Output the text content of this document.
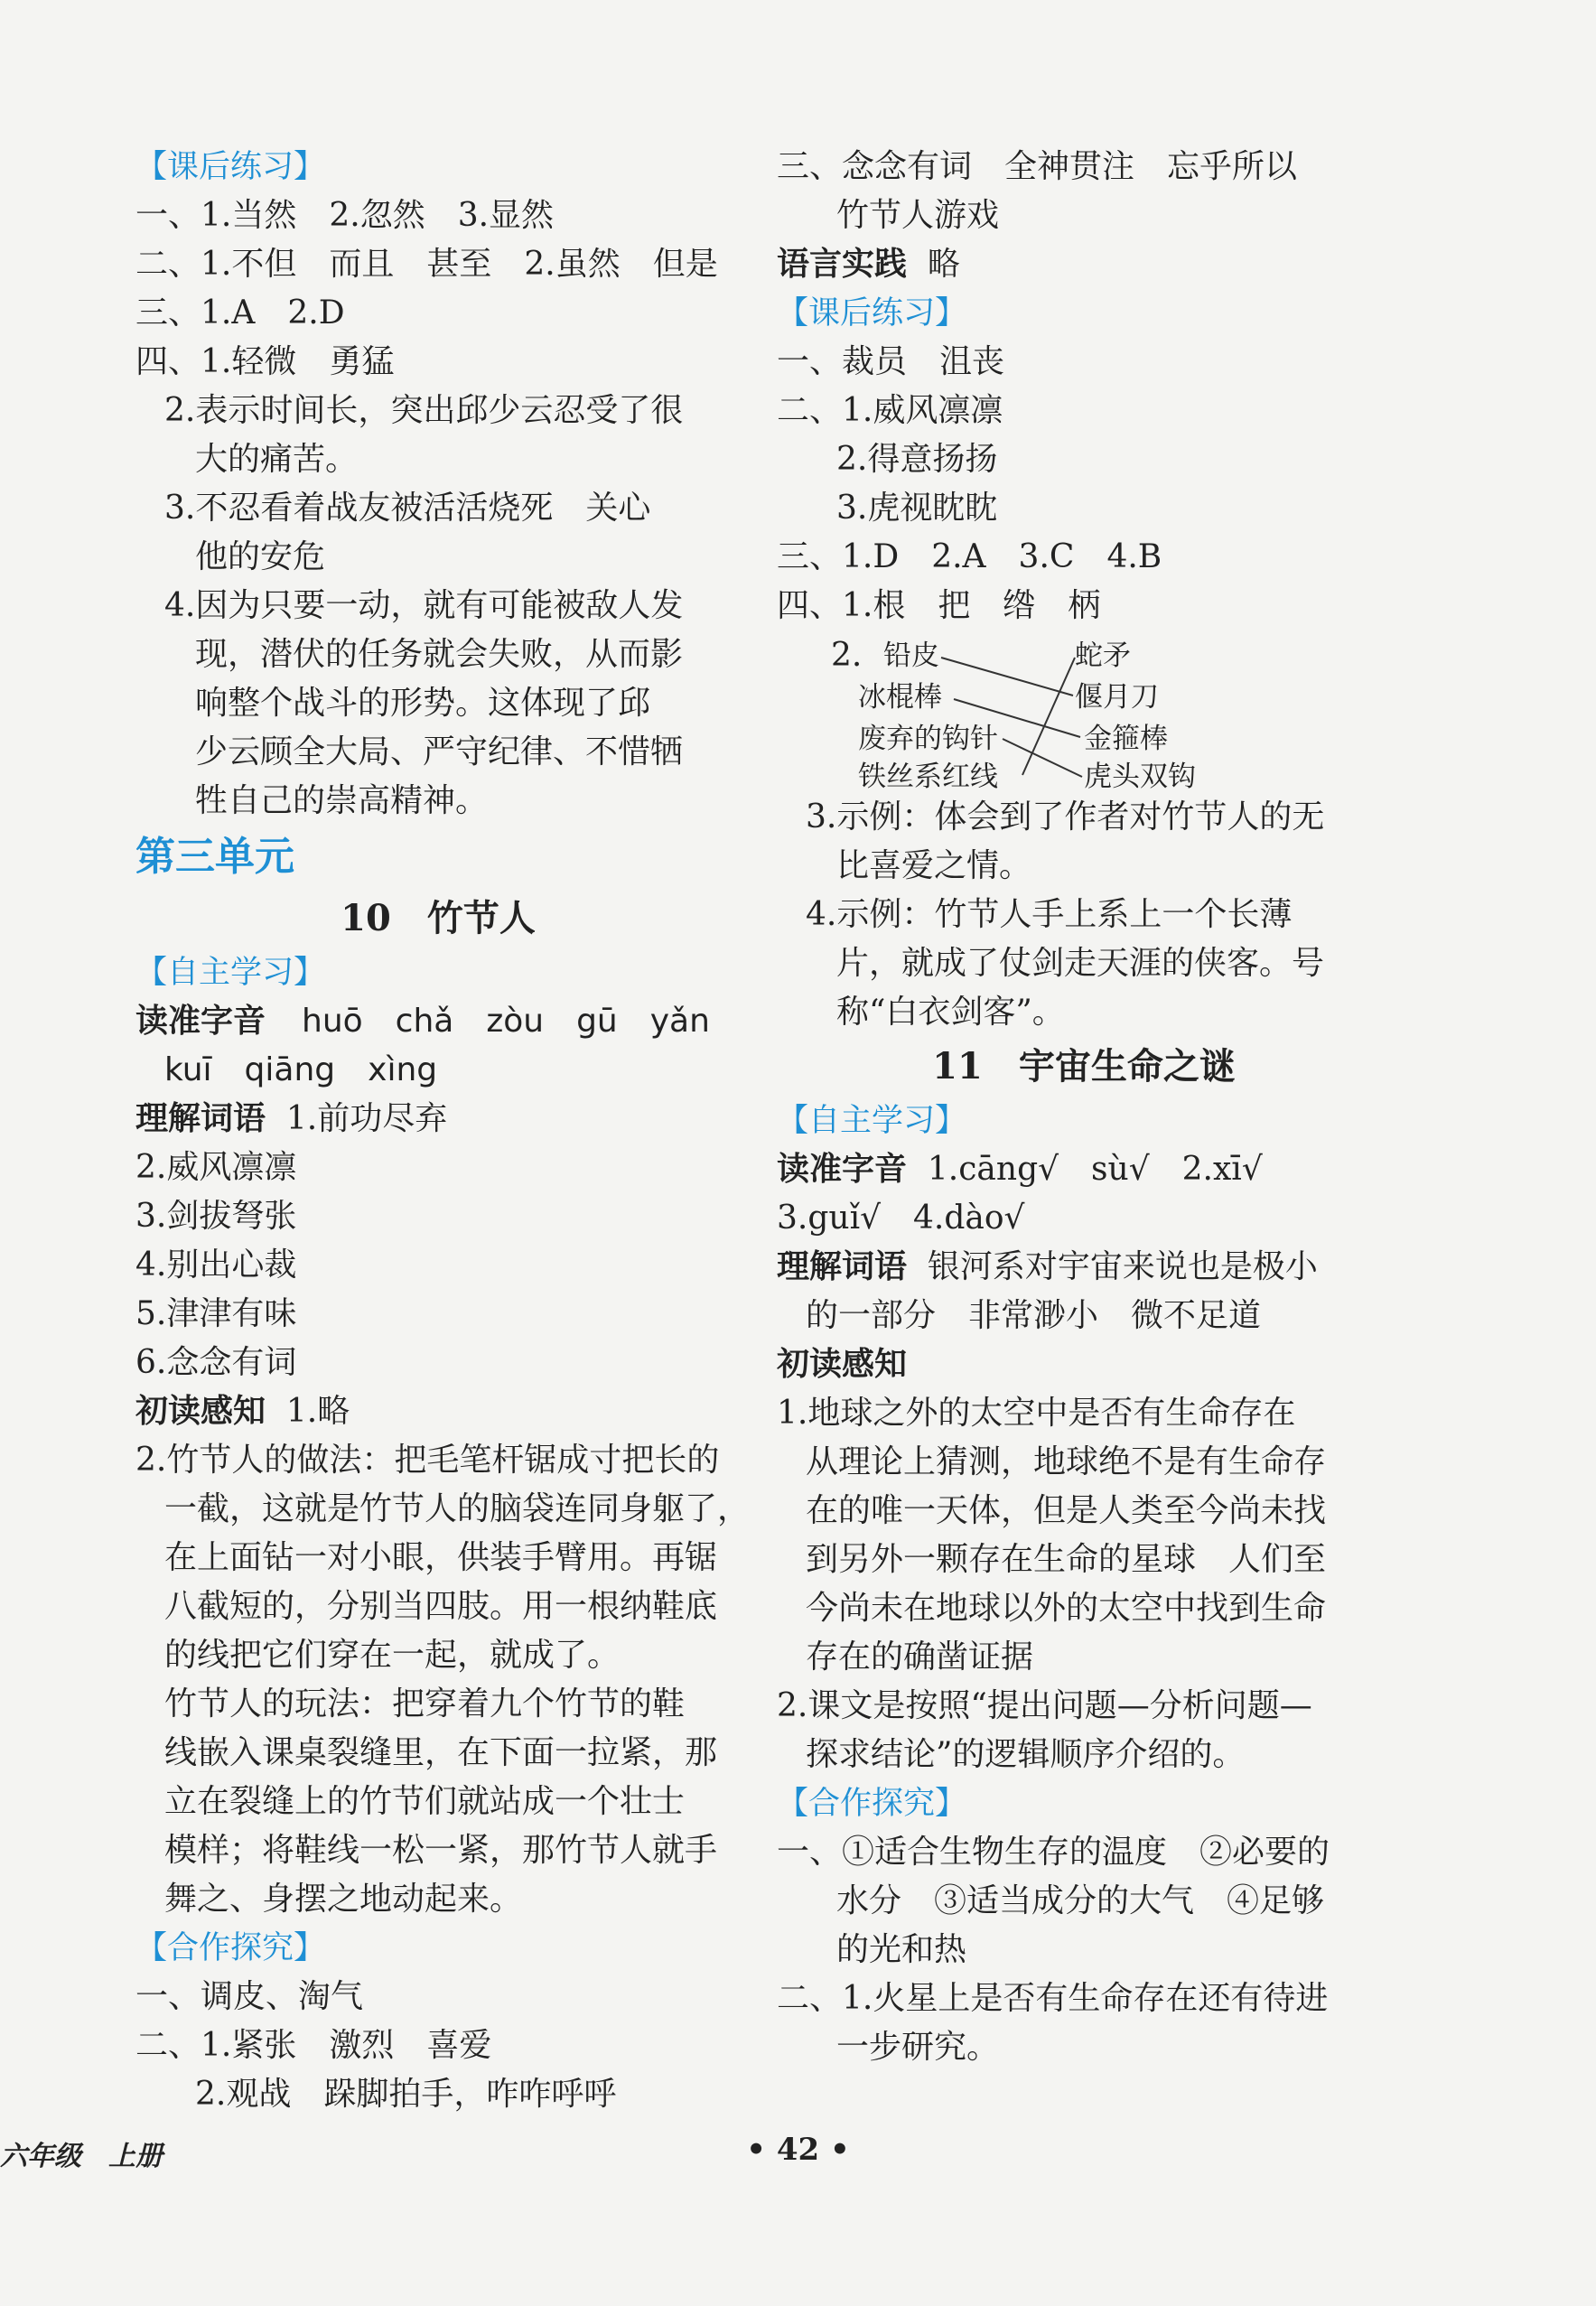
【课后练习】
一、1.当然　2.忽然　3.显然
二、1.不但　而且　甚至　2.虽然　但是
三、1.A　2.D
四、1.轻微　勇猛
2.表示时间长，突出邱少云忍受了很
大的痛苦。
3.不忍看着战友被活活烧死　关心
他的安危
4.因为只要一动，就有可能被敌人发
现，潜伏的任务就会失败，从而影
响整个战斗的形势。这体现了邱
少云顾全大局、严守纪律、不惜牺
牲自己的崇高精神。
第三单元
10　竹节人
【自主学习】
读准字音 huō　chǎ　zòu　gū　yǎn
kuī　qiāng　xìng
理解词语 1.前功尽弃
2.威风凛凛
3.剑拔弩张
4.别出心裁
5.津津有味
6.念念有词
初读感知 1.略
2.竹节人的做法：把毛笔杆锯成寸把长的
一截，这就是竹节人的脑袋连同身躯了，
在上面钻一对小眼，供装手臂用。再锯
八截短的，分别当四肢。用一根纳鞋底
的线把它们穿在一起，就成了。
竹节人的玩法：把穿着九个竹节的鞋
线嵌入课桌裂缝里，在下面一拉紧，那
立在裂缝上的竹节们就站成一个壮士
模样；将鞋线一松一紧，那竹节人就手
舞之、身摆之地动起来。
【合作探究】
一、调皮、淘气
二、1.紧张　激烈　喜爱
2.观战　跺脚拍手，咋咋呼呼
三、念念有词　全神贯注　忘乎所以
竹节人游戏
语言实践 略
【课后练习】
一、裁员　沮丧
二、1.威风凛凛
2.得意扬扬
3.虎视眈眈
三、1.D　2.A　3.C　4.B
四、1.根　把　绺　柄
2. 铅皮
冰棍棒
废弃的钩针
铁丝系红线
蛇矛
偃月刀
金箍棒
虎头双钩
3.示例：体会到了作者对竹节人的无
比喜爱之情。
4.示例：竹节人手上系上一个长薄
片，就成了仗剑走天涯的侠客。号
称“白衣剑客”。
11　宇宙生命之谜
【自主学习】
读准字音 1.cāng√　sù√　2.xī√
3.guǐ√　4.dào√
理解词语 银河系对宇宙来说也是极小
的一部分　非常渺小　微不足道
初读感知
1.地球之外的太空中是否有生命存在
从理论上猜测，地球绝不是有生命存
在的唯一天体，但是人类至今尚未找
到另外一颗存在生命的星球　人们至
今尚未在地球以外的太空中找到生命
存在的确凿证据
2.课文是按照“提出问题—分析问题—
探求结论”的逻辑顺序介绍的。
【合作探究】
一、①适合生物生存的温度　②必要的
水分　③适当成分的大气　④足够
的光和热
二、1.火星上是否有生命存在还有待进
一步研究。
六年级　上册	• 42 •
